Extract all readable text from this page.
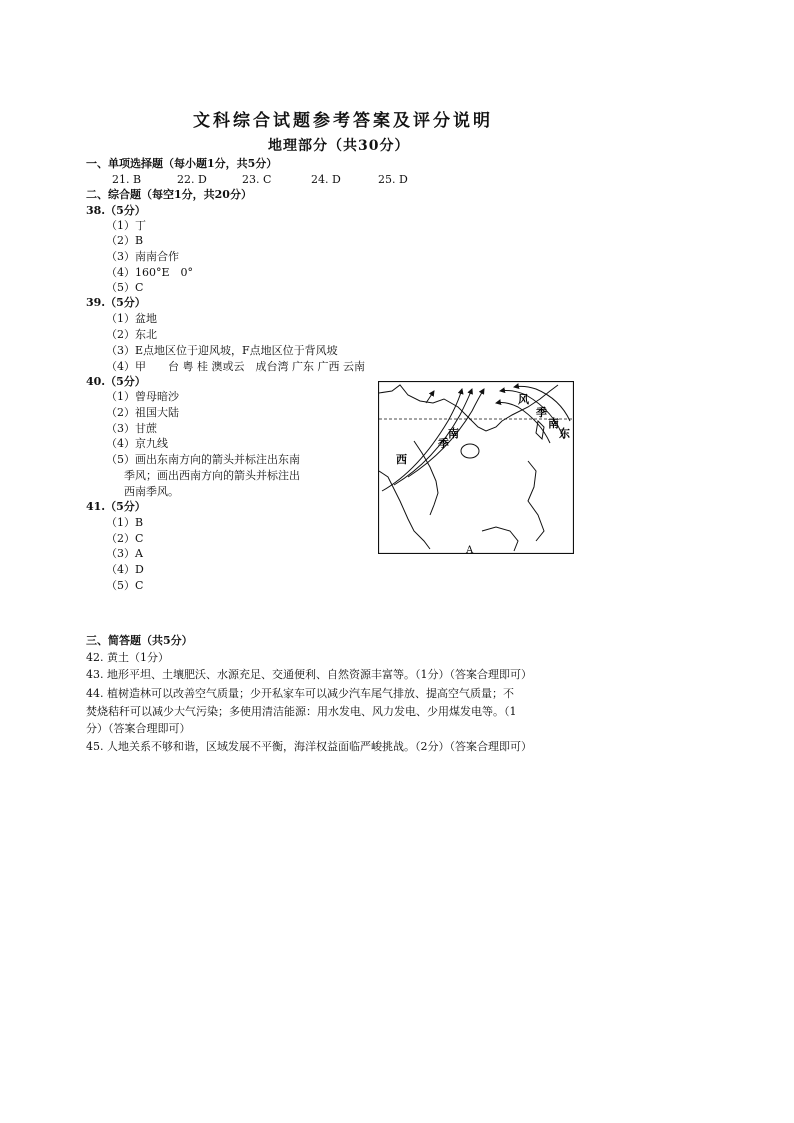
文科综合试题参考答案及评分说明
地理部分（共30分）
一、单项选择题（每小题1分，共5分）
21. B	22. D	23. C	24. D	25. D
二、综合题（每空1分，共20分）
38.（5分）
（1）丁
（2）B
（3）南南合作
（4）160°E　0°
（5）C
39.（5分）
（1）盆地
（2）东北
（3）E点地区位于迎风坡，F点地区位于背风坡
（4）甲　　台 粤 桂 澳或云　成台湾 广东 广西 云南
40.（5分）
（1）曾母暗沙
（2）祖国大陆
（3）甘蔗
（4）京九线
（5）画出东南方向的箭头并标注出东南
季风；画出西南方向的箭头并标注出
西南季风。
41.（5分）
（1）B
（2）C
（3）A
（4）D
（5）C
风
季
南
东
南
季
西
A
三、简答题（共5分）
42. 黄土（1分）
43. 地形平坦、土壤肥沃、水源充足、交通便利、自然资源丰富等。（1分）（答案合理即可）
44. 植树造林可以改善空气质量；少开私家车可以减少汽车尾气排放、提高空气质量；不
焚烧秸秆可以减少大气污染；多使用清洁能源：用水发电、风力发电、少用煤发电等。（1
分）（答案合理即可）
45. 人地关系不够和谐，区域发展不平衡，海洋权益面临严峻挑战。（2分）（答案合理即可）
